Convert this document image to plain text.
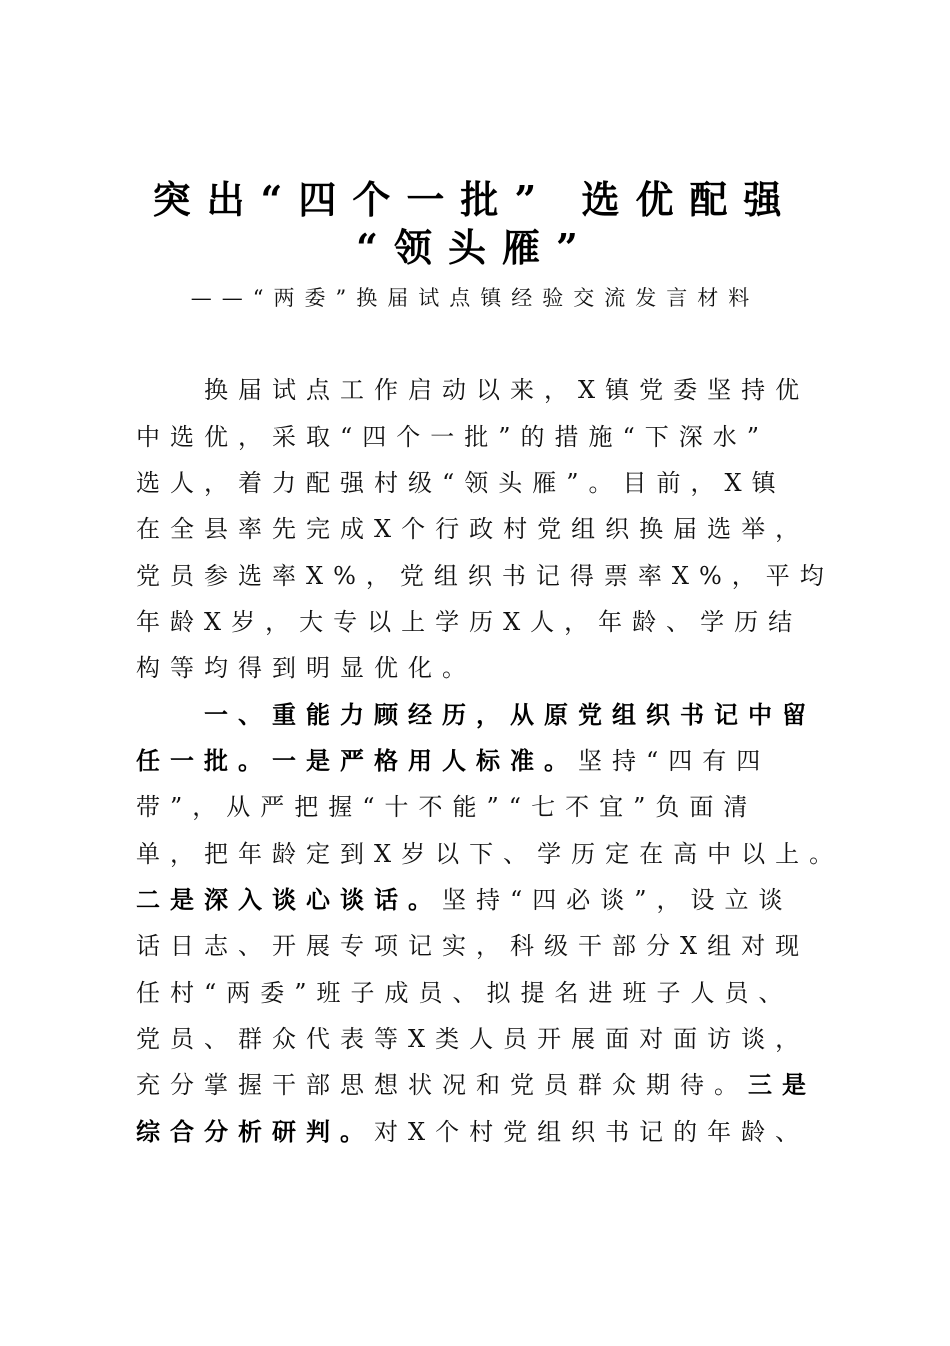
突出“四个一批” 选优配强
“领头雁”
——“两委”换届试点镇经验交流发言材料
换届试点工作启动以来，X镇党委坚持优
中选优，采取“四个一批”的措施“下深水”
选人，着力配强村级“领头雁”。目前，X镇
在全县率先完成X个行政村党组织换届选举，
党员参选率X%，党组织书记得票率X%，平均
年龄X岁，大专以上学历X人，年龄、学历结
构等均得到明显优化。
一、重能力顾经历，从原党组织书记中留
任一批。一是严格用人标准。坚持“四有四
带”，从严把握“十不能”“七不宜”负面清
单，把年龄定到X岁以下、学历定在高中以上。
二是深入谈心谈话。坚持“四必谈”，设立谈
话日志、开展专项记实，科级干部分X组对现
任村“两委”班子成员、拟提名进班子人员、
党员、群众代表等X类人员开展面对面访谈，
充分掌握干部思想状况和党员群众期待。三是
综合分析研判。对X个村党组织书记的年龄、
